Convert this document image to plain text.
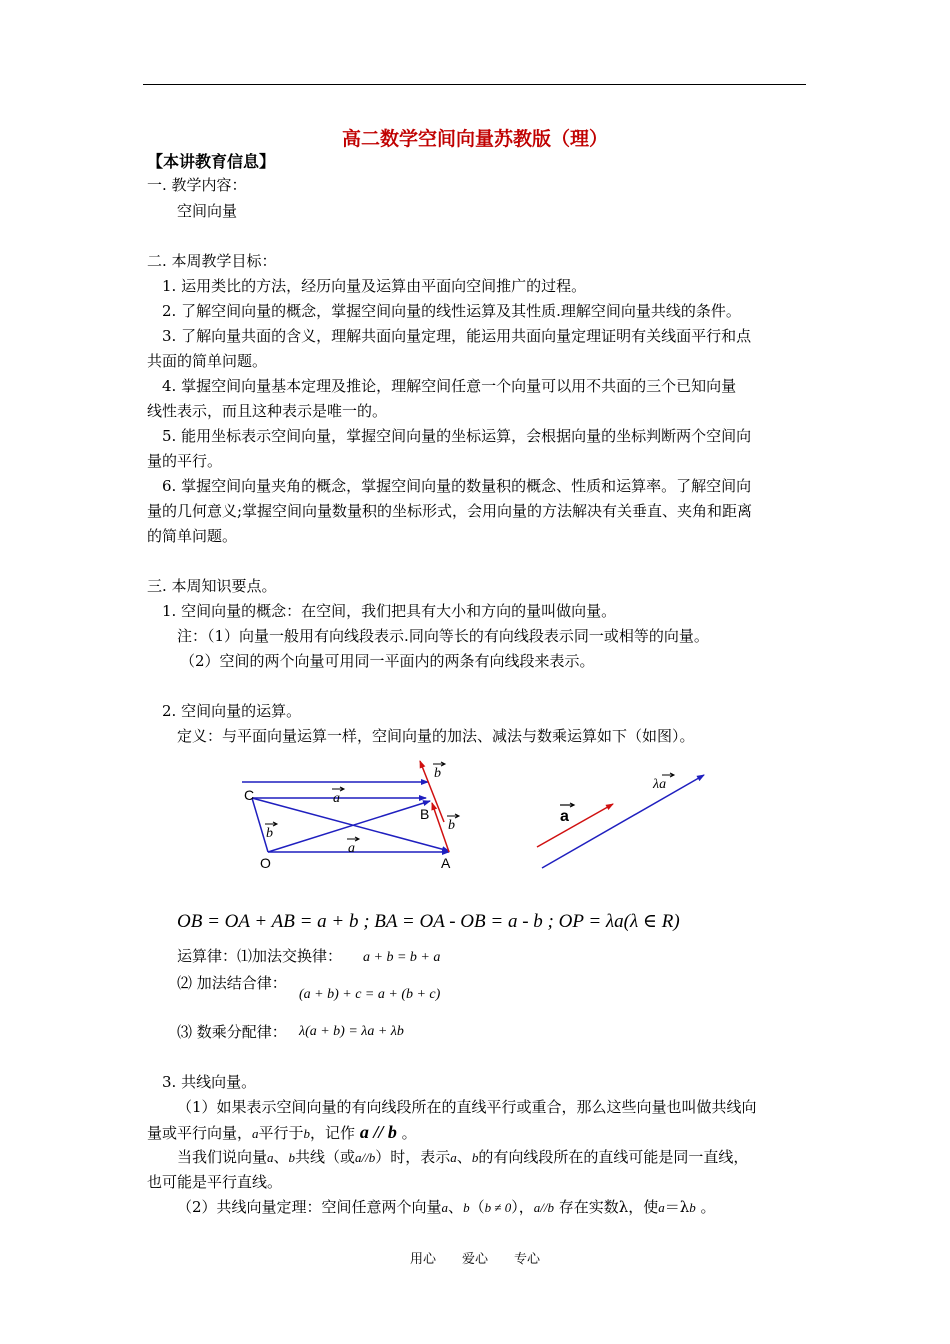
高二数学空间向量苏教版（理）
【本讲教育信息】
一. 教学内容：
空间向量
二. 本周教学目标：
1. 运用类比的方法，经历向量及运算由平面向空间推广的过程。
2. 了解空间向量的概念，掌握空间向量的线性运算及其性质.理解空间向量共线的条件。
3. 了解向量共面的含义，理解共面向量定理，能运用共面向量定理证明有关线面平行和点
共面的简单问题。
4. 掌握空间向量基本定理及推论，理解空间任意一个向量可以用不共面的三个已知向量
线性表示，而且这种表示是唯一的。
5. 能用坐标表示空间向量，掌握空间向量的坐标运算，会根据向量的坐标判断两个空间向
量的平行。
6. 掌握空间向量夹角的概念，掌握空间向量的数量积的概念、性质和运算率。了解空间向
量的几何意义;掌握空间向量数量积的坐标形式，会用向量的方法解决有关垂直、夹角和距离
的简单问题。
三. 本周知识要点。
1. 空间向量的概念：在空间，我们把具有大小和方向的量叫做向量。
注：（1）向量一般用有向线段表示.同向等长的有向线段表示同一或相等的向量。
（2）空间的两个向量可用同一平面内的两条有向线段来表示。
2. 空间向量的运算。
定义：与平面向量运算一样，空间向量的加法、减法与数乘运算如下（如图）。
C
B
O	A
a
a
b
b
b
a
λa
OB = OA + AB = a + b ; BA = OA - OB = a - b ; OP = λa(λ ∈ R)
运算律：⑴加法交换律： a + b = b + a
⑵ 加法结合律：
(a + b) + c = a + (b + c)
⑶ 数乘分配律： λ(a + b) = λa + λb
3. 共线向量。
（1）如果表示空间向量的有向线段所在的直线平行或重合，那么这些向量也叫做共线向
量或平行向量，a平行于b，记作 a // b 。
当我们说向量a、b共线（或a//b）时，表示a、b的有向线段所在的直线可能是同一直线，
也可能是平行直线。
（2）共线向量定理：空间任意两个向量a、b（b ≠ 0），a//b 存在实数λ，使a＝λb 。
用心　　爱心　　专心
